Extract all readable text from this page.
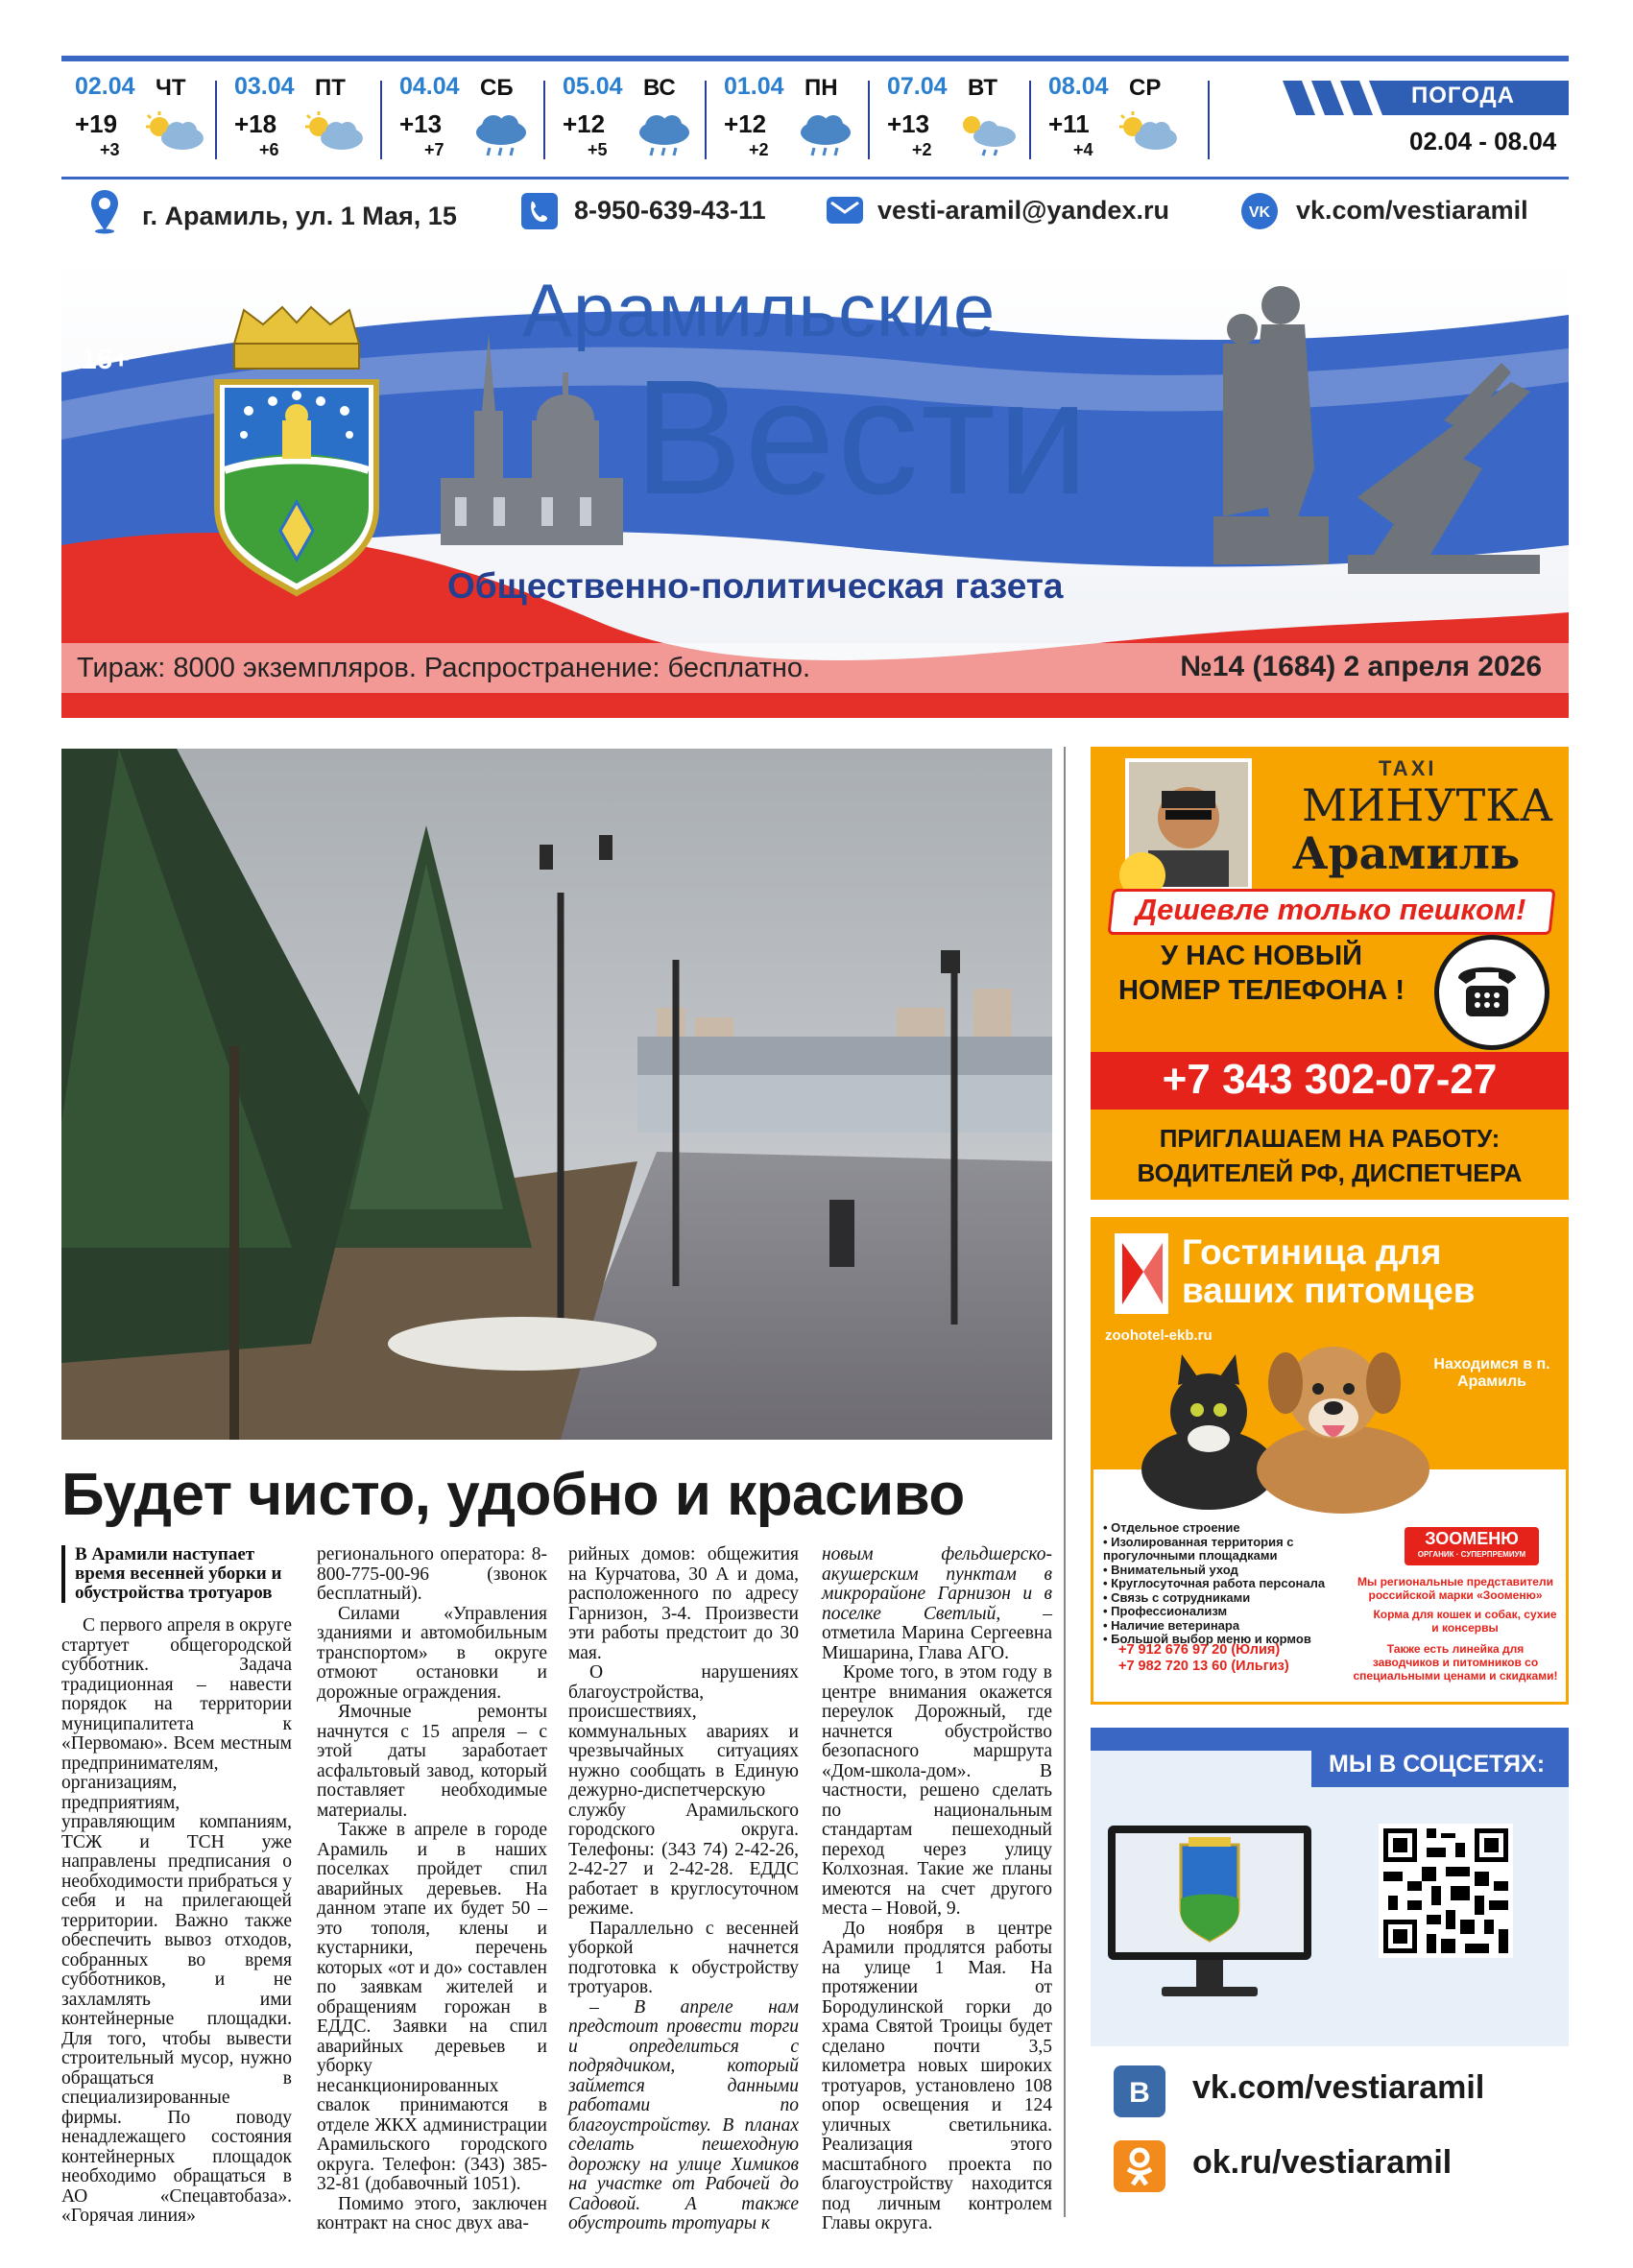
02.04 ЧТ
+19
+3
03.04 ПТ
+18
+6
04.04 СБ
+13
+7
05.04 ВС
+12
+5
01.04 ПН
+12
+2
07.04 ВТ
+13
+2
08.04 СР
+11
+4
ПОГОДА
02.04 - 08.04
г. Арамиль, ул. 1 Мая, 15	8-950-639-43-11	vesti-aramil@yandex.ru	VK vk.com/vestiaramil
16+
Арамильские
Вести
Общественно-политическая газета
Тираж: 8000 экземпляров. Распространение: бесплатно.	№14 (1684) 2 апреля 2026
Будет чисто, удобно и красиво

В Арамили наступает время весенней уборки и обустройства тротуаров

С первого апреля в округе стартует общегородской субботник. Задача традиционная – навести порядок на территории муниципалитета к «Первомаю». Всем местным предпринимателям, организациям, предприятиям, управляющим компаниям, ТСЖ и ТСН уже направлены предписания о необходимости прибраться у себя и на прилегающей территории. Важно также обеспечить вывоз отходов, собранных во время субботников, и не захламлять ими контейнерные площадки. Для того, чтобы вывести строительный мусор, нужно обращаться в специализированные фирмы. По поводу ненадлежащего состояния контейнерных площадок необходимо обращаться в АО «Спецавтобаза». «Горячая линия»

регионального оператора: 8-800-775-00-96 (звонок бесплатный).

Силами «Управления зданиями и автомобильным транспортом» в округе отмоют остановки и дорожные ограждения.

Ямочные ремонты начнутся с 15 апреля – с этой даты заработает асфальтовый завод, который поставляет необходимые материалы.

Также в апреле в городе Арамиль и в наших поселках пройдет спил аварийных деревьев. На данном этапе их будет 50 – это тополя, клены и кустарники, перечень которых «от и до» составлен по заявкам жителей и обращениям горожан в ЕДДС. Заявки на спил аварийных деревьев и уборку несанкционированных свалок принимаются в отделе ЖКХ администрации Арамильского городского округа. Телефон: (343) 385-32-81 (добавочный 1051).

Помимо этого, заключен контракт на снос двух ава-

рийных домов: общежития на Курчатова, 30 А и дома, расположенного по адресу Гарнизон, 3-4. Произвести эти работы предстоит до 30 мая.

О нарушениях благоустройства, происшествиях, коммунальных авариях и чрезвычайных ситуациях нужно сообщать в Единую дежурно-диспетчерскую службу Арамильского городского округа. Телефоны: (343 74) 2-42-26, 2-42-27 и 2-42-28. ЕДДС работает в круглосуточном режиме.

Параллельно с весенней уборкой начнется подготовка к обустройству тротуаров.

– В апреле нам предстоит провести торги и определиться с подрядчиком, который займется данными работами по благоустройству. В планах сделать пешеходную дорожку на улице Химиков на участке от Рабочей до Садовой. А также обустроить тротуары к

новым фельдшерско-акушерским пунктам в микрорайоне Гарнизон и в поселке Светлый, – отметила Марина Сергеевна Мишарина, Глава АГО.

Кроме того, в этом году в центре внимания окажется переулок Дорожный, где начнется обустройство безопасного маршрута «Дом-школа-дом». В частности, решено сделать по национальным стандартам пешеходный переход через улицу Колхозная. Такие же планы имеются на счет другого места – Новой, 9.

До ноября в центре Арамили продлятся работы на улице 1 Мая. На протяжении от Бородулинской горки до храма Святой Троицы будет сделано почти 3,5 километра новых широких тротуаров, установлено 108 опор освещения и 124 уличных светильника. Реализация этого масштабного проекта по благоустройству находится под личным контролем Главы округа.

TAXI
МИНУТКА
Арамиль
Дешевле только пешком!
У НАС НОВЫЙ НОМЕР ТЕЛЕФОНА !
+7 343 302-07-27
ПРИГЛАШАЕМ НА РАБОТУ: ВОДИТЕЛЕЙ РФ, ДИСПЕТЧЕРА
Гостиница для ваших питомцев
zoohotel-ekb.ru
Находимся в п. Арамиль
• Отдельное строение
• Изолированная территория с прогулочными площадками
• Внимательный уход
• Круглосуточная работа персонала
• Связь с сотрудниками
• Профессионализм
• Наличие ветеринара
• Большой выбор меню и кормов
+7 912 676 97 20 (Юлия)
+7 982 720 13 60 (Ильгиз)
ЗООМЕНЮ
ОРГАНИК · СУПЕРПРЕМИУМ
Мы региональные представители российской марки «Зооменю»
Корма для кошек и собак, сухие и консервы
Также есть линейка для заводчиков и питомников со специальными ценами и скидками!
МЫ В СОЦСЕТЯХ:
В vk.com/vestiaramil
ok.ru/vestiaramil
